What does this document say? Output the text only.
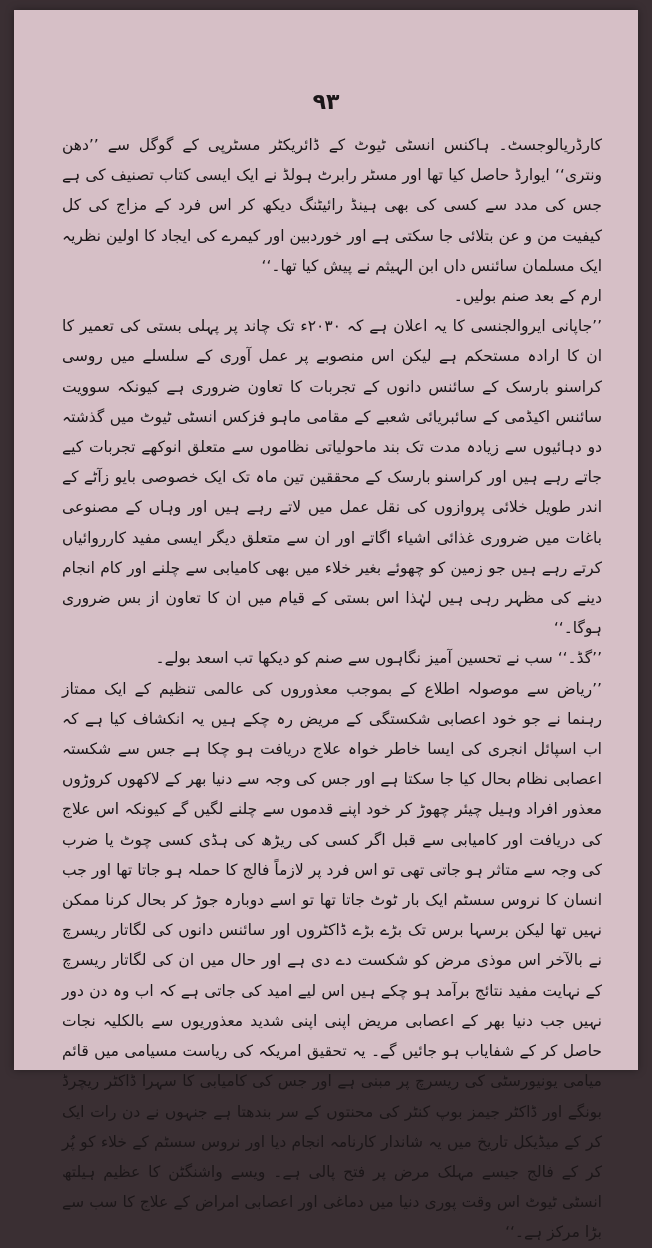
٩٣

کارڈریالوجسٹ۔ ہاکنس انسٹی ٹیوٹ کے ڈائریکٹر مسٹرپی کے گوگل سے ’’دھن ونتری‘‘ ایوارڈ حاصل کیا تھا اور مسٹر رابرٹ ہولڈ نے ایک ایسی کتاب تصنیف کی ہے جس کی مدد سے کسی کی بھی ہینڈ رائیٹنگ دیکھ کر اس فرد کے مزاج کی کل کیفیت من و عن بتلائی جا سکتی ہے اور خوردبین اور کیمرے کی ایجاد کا اولین نظریہ ایک مسلمان سائنس داں ابن الہیثم نے پیش کیا تھا۔‘‘

ارم کے بعد صنم بولیں۔

’’جاپانی ایروالجنسی کا یہ اعلان ہے کہ ۲۰۳۰ء تک چاند پر پہلی بستی کی تعمیر کا ان کا ارادہ مستحکم ہے لیکن اس منصوبے پر عمل آوری کے سلسلے میں روسی کراسنو بارسک کے سائنس دانوں کے تجربات کا تعاون ضروری ہے کیونکہ سوویت سائنس اکیڈمی کے سائبریائی شعبے کے مقامی ماہو فزکس انسٹی ٹیوٹ میں گذشتہ دو دہائیوں سے زیادہ مدت تک بند ماحولیاتی نظاموں سے متعلق انوکھے تجربات کیے جاتے رہے ہیں اور کراسنو بارسک کے محققین تین ماہ تک ایک خصوصی بایو زآٹے کے اندر طویل خلائی پروازوں کی نقل عمل میں لاتے رہے ہیں اور وہاں کے مصنوعی باغات میں ضروری غذائی اشیاء اگاتے اور ان سے متعلق دیگر ایسی مفید کارروائیاں کرتے رہے ہیں جو زمین کو چھوئے بغیر خلاء میں بھی کامیابی سے چلنے اور کام انجام دینے کی مظہر رہی ہیں لہٰذا اس بستی کے قیام میں ان کا تعاون از بس ضروری ہوگا۔‘‘

’’گڈ۔‘‘ سب نے تحسین آمیز نگاہوں سے صنم کو دیکھا تب اسعد بولے۔

’’ریاض سے موصولہ اطلاع کے بموجب معذوروں کی عالمی تنظیم کے ایک ممتاز رہنما نے جو خود اعصابی شکستگی کے مریض رہ چکے ہیں یہ انکشاف کیا ہے کہ اب اسپائل انجری کی ایسا خاطر خواہ علاج دریافت ہو چکا ہے جس سے شکستہ اعصابی نظام بحال کیا جا سکتا ہے اور جس کی وجہ سے دنیا بھر کے لاکھوں کروڑوں معذور افراد وہیل چیئر چھوڑ کر خود اپنے قدموں سے چلنے لگیں گے کیونکہ اس علاج کی دریافت اور کامیابی سے قبل اگر کسی کی ریڑھ کی ہڈی کسی چوٹ یا ضرب کی وجہ سے متاثر ہو جاتی تھی تو اس فرد پر لازماً فالج کا حملہ ہو جاتا تھا اور جب انسان کا نروس سسٹم ایک بار ٹوٹ جاتا تھا تو اسے دوبارہ جوڑ کر بحال کرنا ممکن نہیں تھا لیکن برسہا برس تک بڑے بڑے ڈاکٹروں اور سائنس دانوں کی لگاتار ریسرچ نے بالآخر اس موذی مرض کو شکست دے دی ہے اور حال میں ان کی لگاتار ریسرچ کے نہایت مفید نتائج برآمد ہو چکے ہیں اس لیے امید کی جاتی ہے کہ اب وہ دن دور نہیں جب دنیا بھر کے اعصابی مریض اپنی اپنی شدید معذوریوں سے بالکلیہ نجات حاصل کر کے شفایاب ہو جائیں گے۔ یہ تحقیق امریکہ کی ریاست مسیامی میں قائم میامی یونیورسٹی کی ریسرچ پر مبنی ہے اور جس کی کامیابی کا سہرا ڈاکٹر ریچرڈ بونگے اور ڈاکٹر جیمز بوپ کنٹر کی محنتوں کے سر بندھتا ہے جنہوں نے دن رات ایک کر کے میڈیکل تاریخ میں یہ شاندار کارنامہ انجام دیا اور نروس سسٹم کے خلاء کو پُر کر کے فالج جیسے مہلک مرض پر فتح پالی ہے۔ ویسے واشنگٹن کا عظیم ہیلتھ انسٹی ٹیوٹ اس وقت پوری دنیا میں دماغی اور اعصابی امراض کے علاج کا سب سے بڑا مرکز ہے۔‘‘
